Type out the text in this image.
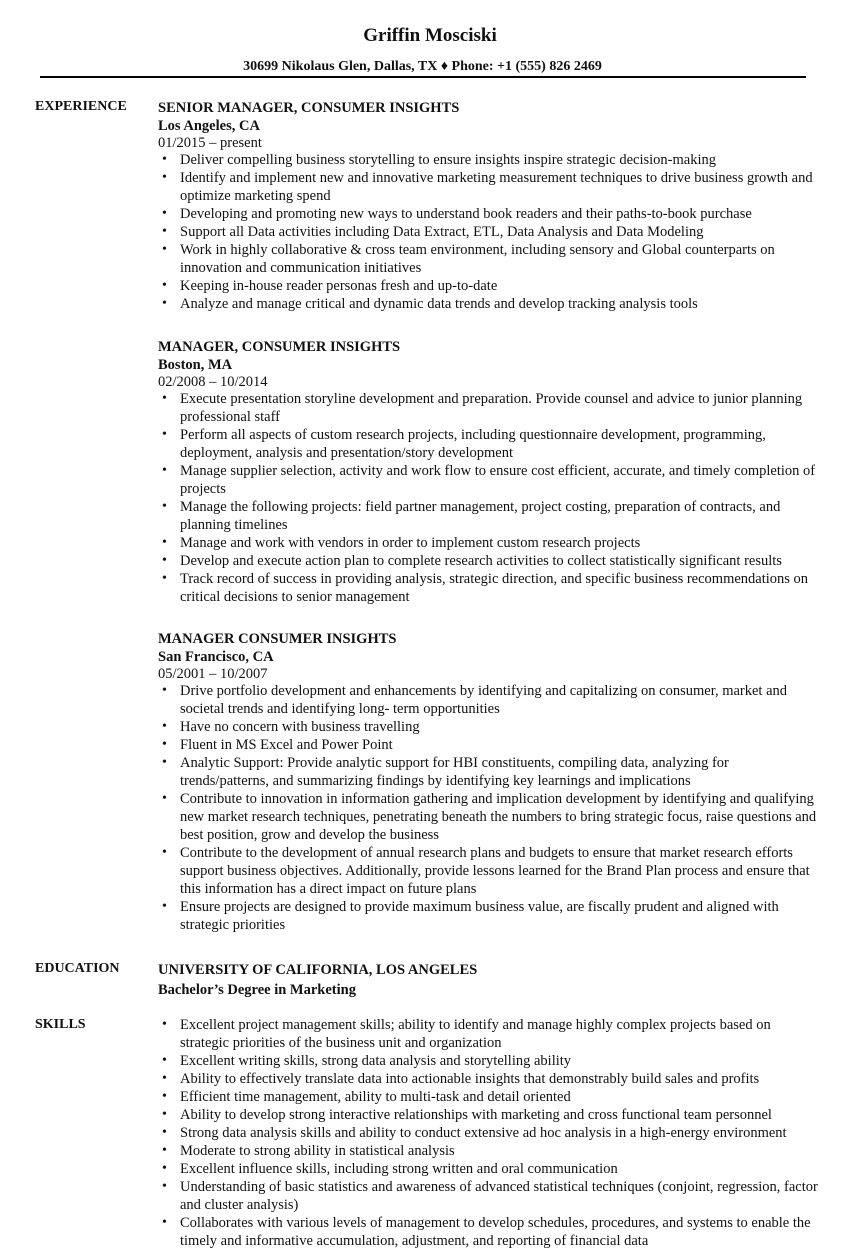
Griffin Mosciski
30699 Nikolaus Glen, Dallas, TX ♦ Phone: +1 (555) 826 2469
EXPERIENCE SENIOR MANAGER, CONSUMER INSIGHTS
Los Angeles, CA
01/2015 – present
• Deliver compelling business storytelling to ensure insights inspire strategic decision-making
• Identify and implement new and innovative marketing measurement techniques to drive business growth and optimize marketing spend
• Developing and promoting new ways to understand book readers and their paths-to-book purchase
• Support all Data activities including Data Extract, ETL, Data Analysis and Data Modeling
• Work in highly collaborative & cross team environment, including sensory and Global counterparts on innovation and communication initiatives
• Keeping in-house reader personas fresh and up-to-date
• Analyze and manage critical and dynamic data trends and develop tracking analysis tools
MANAGER, CONSUMER INSIGHTS
Boston, MA
02/2008 – 10/2014
• Execute presentation storyline development and preparation. Provide counsel and advice to junior planning professional staff
• Perform all aspects of custom research projects, including questionnaire development, programming, deployment, analysis and presentation/story development
• Manage supplier selection, activity and work flow to ensure cost efficient, accurate, and timely completion of projects
• Manage the following projects: field partner management, project costing, preparation of contracts, and planning timelines
• Manage and work with vendors in order to implement custom research projects
• Develop and execute action plan to complete research activities to collect statistically significant results
• Track record of success in providing analysis, strategic direction, and specific business recommendations on critical decisions to senior management
MANAGER CONSUMER INSIGHTS
San Francisco, CA
05/2001 – 10/2007
• Drive portfolio development and enhancements by identifying and capitalizing on consumer, market and societal trends and identifying long- term opportunities
• Have no concern with business travelling
• Fluent in MS Excel and Power Point
• Analytic Support: Provide analytic support for HBI constituents, compiling data, analyzing for trends/patterns, and summarizing findings by identifying key learnings and implications
• Contribute to innovation in information gathering and implication development by identifying and qualifying new market research techniques, penetrating beneath the numbers to bring strategic focus, raise questions and best position, grow and develop the business
• Contribute to the development of annual research plans and budgets to ensure that market research efforts support business objectives. Additionally, provide lessons learned for the Brand Plan process and ensure that this information has a direct impact on future plans
• Ensure projects are designed to provide maximum business value, are fiscally prudent and aligned with strategic priorities
EDUCATION	UNIVERSITY OF CALIFORNIA, LOS ANGELES
Bachelor’s Degree in Marketing
SKILLS
•	Excellent project management skills; ability to identify and manage highly complex projects based on strategic priorities of the business unit and organization
• Excellent writing skills, strong data analysis and storytelling ability
• Ability to effectively translate data into actionable insights that demonstrably build sales and profits
• Efficient time management, ability to multi-task and detail oriented
• Ability to develop strong interactive relationships with marketing and cross functional team personnel
• Strong data analysis skills and ability to conduct extensive ad hoc analysis in a high-energy environment
• Moderate to strong ability in statistical analysis
• Excellent influence skills, including strong written and oral communication
• Understanding of basic statistics and awareness of advanced statistical techniques (conjoint, regression, factor and cluster analysis)
• Collaborates with various levels of management to develop schedules, procedures, and systems to enable the timely and informative accumulation, adjustment, and reporting of financial data
